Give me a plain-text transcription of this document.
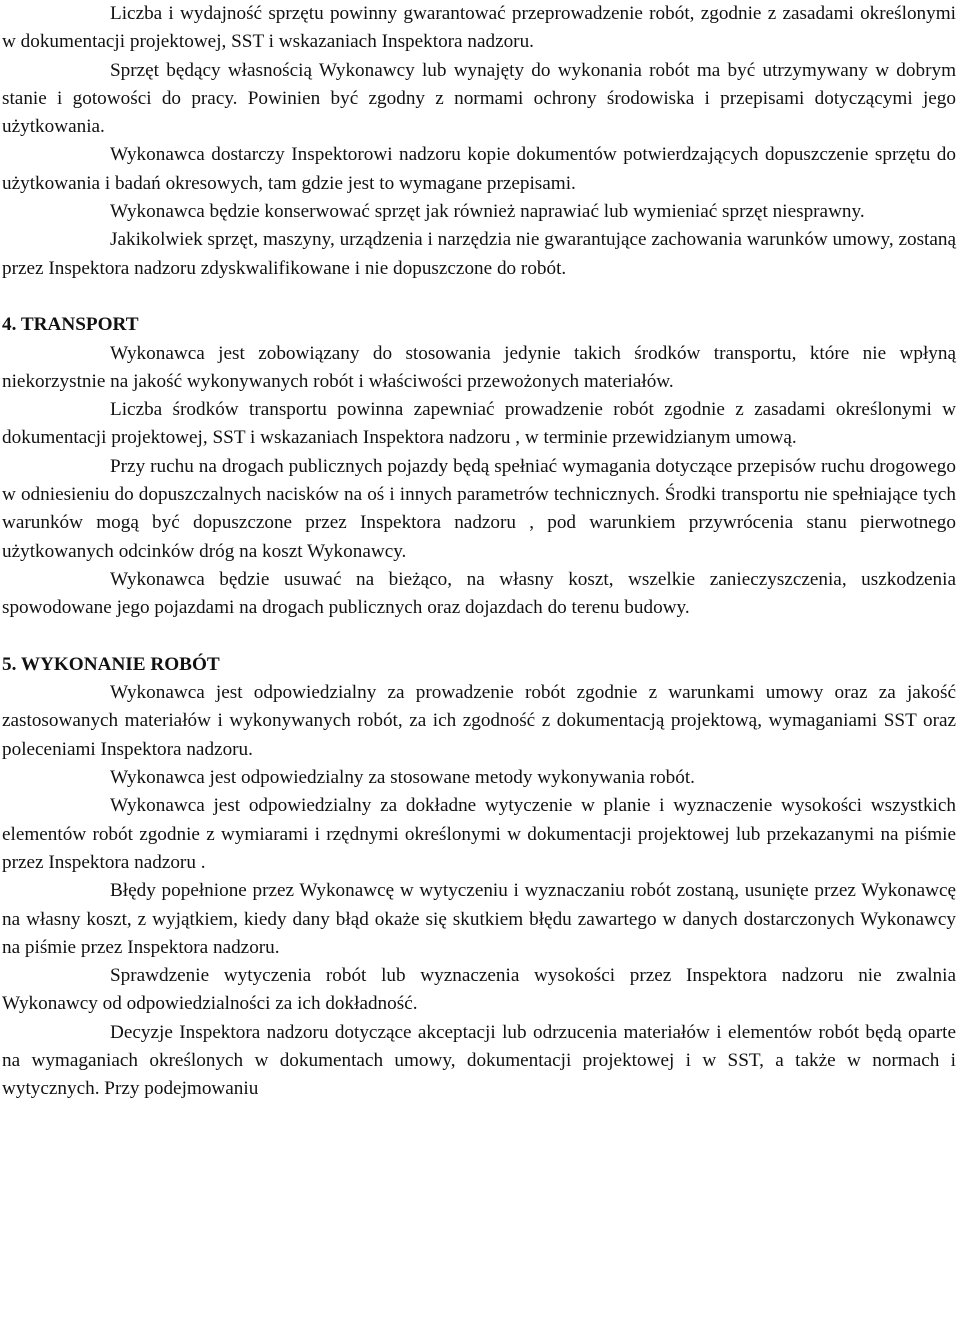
Liczba i wydajność sprzętu powinny gwarantować przeprowadzenie robót, zgodnie z zasadami określonymi w dokumentacji projektowej, SST i wskazaniach Inspektora nadzoru.

Sprzęt będący własnością Wykonawcy lub wynajęty do wykonania robót ma być utrzymywany w dobrym stanie i gotowości do pracy. Powinien być zgodny z normami ochrony środowiska i przepisami dotyczącymi jego użytkowania.

Wykonawca dostarczy Inspektorowi nadzoru kopie dokumentów potwierdzających dopuszczenie sprzętu do użytkowania i badań okresowych, tam gdzie jest to wymagane przepisami.

Wykonawca będzie konserwować sprzęt jak również naprawiać lub wymieniać sprzęt niesprawny.

Jakikolwiek sprzęt, maszyny, urządzenia i narzędzia nie gwarantujące zachowania warunków umowy, zostaną przez Inspektora nadzoru zdyskwalifikowane i nie dopuszczone do robót.

4. TRANSPORT

Wykonawca jest zobowiązany do stosowania jedynie takich środków transportu, które nie wpłyną niekorzystnie na jakość wykonywanych robót i właściwości przewożonych materiałów.

Liczba środków transportu powinna zapewniać prowadzenie robót zgodnie z zasadami określonymi w dokumentacji projektowej, SST i wskazaniach Inspektora nadzoru , w terminie przewidzianym umową.

Przy ruchu na drogach publicznych pojazdy będą spełniać wymagania dotyczące przepisów ruchu drogowego w odniesieniu do dopuszczalnych nacisków na oś i innych parametrów technicznych. Środki transportu nie spełniające tych warunków mogą być dopuszczone przez Inspektora nadzoru , pod warunkiem przywrócenia stanu pierwotnego użytkowanych odcinków dróg na koszt Wykonawcy.

Wykonawca będzie usuwać na bieżąco, na własny koszt, wszelkie zanieczyszczenia, uszkodzenia spowodowane jego pojazdami na drogach publicznych oraz dojazdach do terenu budowy.

5. WYKONANIE ROBÓT

Wykonawca jest odpowiedzialny za prowadzenie robót zgodnie z warunkami umowy oraz za jakość zastosowanych materiałów i wykonywanych robót, za ich zgodność z dokumentacją projektową, wymaganiami SST oraz poleceniami Inspektora nadzoru.

Wykonawca jest odpowiedzialny za stosowane metody wykonywania robót.

Wykonawca jest odpowiedzialny za dokładne wytyczenie w planie i wyznaczenie wysokości wszystkich elementów robót zgodnie z wymiarami i rzędnymi określonymi w dokumentacji projektowej lub przekazanymi na piśmie przez Inspektora nadzoru .

Błędy popełnione przez Wykonawcę w wytyczeniu i wyznaczaniu robót zostaną, usunięte przez Wykonawcę na własny koszt, z wyjątkiem, kiedy dany błąd okaże się skutkiem błędu zawartego w danych dostarczonych Wykonawcy na piśmie przez Inspektora nadzoru.

Sprawdzenie wytyczenia robót lub wyznaczenia wysokości przez Inspektora nadzoru nie zwalnia Wykonawcy od odpowiedzialności za ich dokładność.

Decyzje Inspektora nadzoru dotyczące akceptacji lub odrzucenia materiałów i elementów robót będą oparte na wymaganiach określonych w dokumentach umowy, dokumentacji projektowej i w SST, a także w normach i wytycznych. Przy podejmowaniu
